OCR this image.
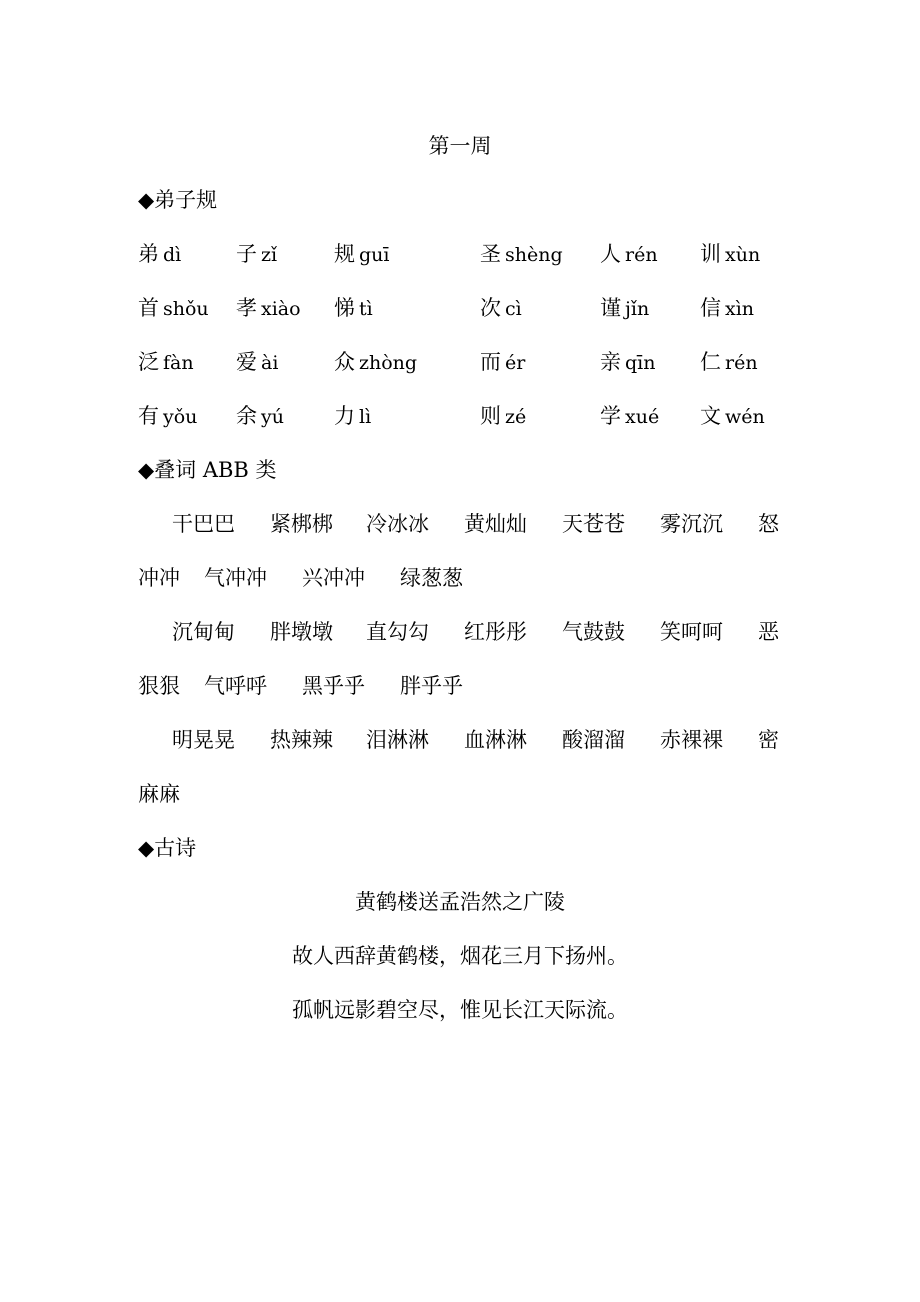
第一周
◆弟子规
弟 dì	子 zǐ	规 guī	圣 shèng 人 rén 训 xùn
首 shǒu 孝 xiào 悌 tì	次 cì	谨 jǐn 信 xìn
泛 fàn 爱 ài	众 zhòng	而 ér	亲 qīn 仁 rén
有 yǒu 余 yú 力 lì	则 zé	学 xué 文 wén
◆叠词 ABB 类
干巴巴 紧梆梆 冷冰冰 黄灿灿 天苍苍 雾沉沉 怒
冲冲 气冲冲 兴冲冲 绿葱葱
沉甸甸 胖墩墩 直勾勾 红彤彤 气鼓鼓 笑呵呵 恶
狠狠 气呼呼 黑乎乎 胖乎乎
明晃晃 热辣辣 泪淋淋 血淋淋 酸溜溜 赤裸裸 密
麻麻
◆古诗
黄鹤楼送孟浩然之广陵
故人西辞黄鹤楼，烟花三月下扬州。
孤帆远影碧空尽，惟见长江天际流。
